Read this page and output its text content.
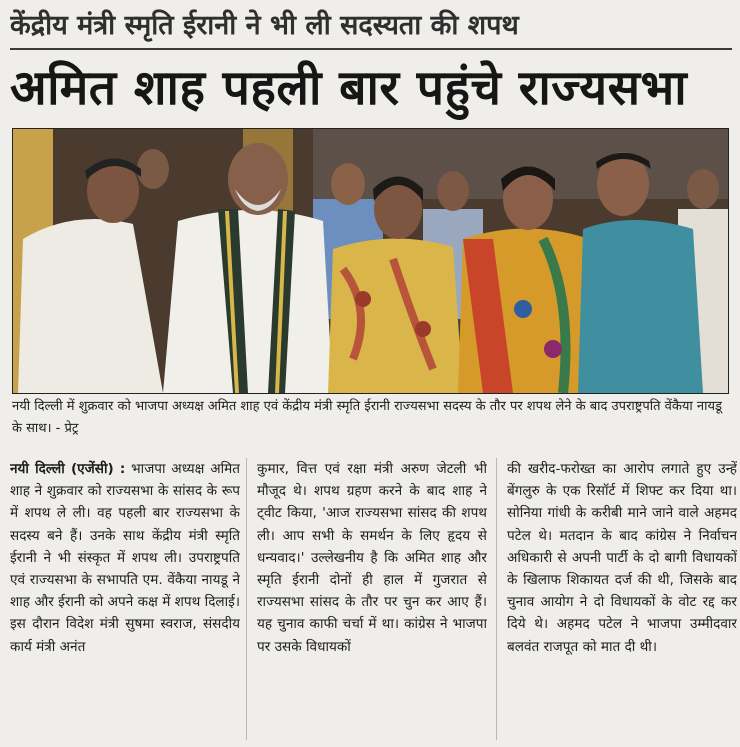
केंद्रीय मंत्री स्मृति ईरानी ने भी ली सदस्यता की शपथ
अमित शाह पहली बार पहुंचे राज्यसभा
नयी दिल्ली में शुक्रवार को भाजपा अध्यक्ष अमित शाह एवं केंद्रीय मंत्री स्मृति ईरानी राज्यसभा सदस्य के तौर पर शपथ लेने के बाद उपराष्ट्रपति वेंकैया नायडू के साथ। - प्रेट्र
नयी दिल्ली (एजेंसी) : भाजपा अध्यक्ष अमित शाह ने शुक्रवार को राज्यसभा के सांसद के रूप में शपथ ले ली। वह पहली बार राज्यसभा के सदस्य बने हैं। उनके साथ केंद्रीय मंत्री स्मृति ईरानी ने भी संस्कृत में शपथ ली। उपराष्ट्रपति एवं राज्यसभा के सभापति एम. वेंकैया नायडू ने शाह और ईरानी को अपने कक्ष में शपथ दिलाई। इस दौरान विदेश मंत्री सुषमा स्वराज, संसदीय कार्य मंत्री अनंत
कुमार, वित्त एवं रक्षा मंत्री अरुण जेटली भी मौजूद थे। शपथ ग्रहण करने के बाद शाह ने ट्वीट किया, 'आज राज्यसभा सांसद की शपथ ली। आप सभी के समर्थन के लिए हृदय से धन्यवाद।' उल्लेखनीय है कि अमित शाह और स्मृति ईरानी दोनों ही हाल में गुजरात से राज्यसभा सांसद के तौर पर चुन कर आए हैं। यह चुनाव काफी चर्चा में था। कांग्रेस ने भाजपा पर उसके विधायकों
की खरीद-फरोख्त का आरोप लगाते हुए उन्हें बेंगलुरु के एक रिसॉर्ट में शिफ्ट कर दिया था। सोनिया गांधी के करीबी माने जाने वाले अहमद पटेल थे। मतदान के बाद कांग्रेस ने निर्वाचन अधिकारी से अपनी पार्टी के दो बागी विधायकों के खिलाफ शिकायत दर्ज की थी, जिसके बाद चुनाव आयोग ने दो विधायकों के वोट रद्द कर दिये थे। अहमद पटेल ने भाजपा उम्मीदवार बलवंत राजपूत को मात दी थी।
